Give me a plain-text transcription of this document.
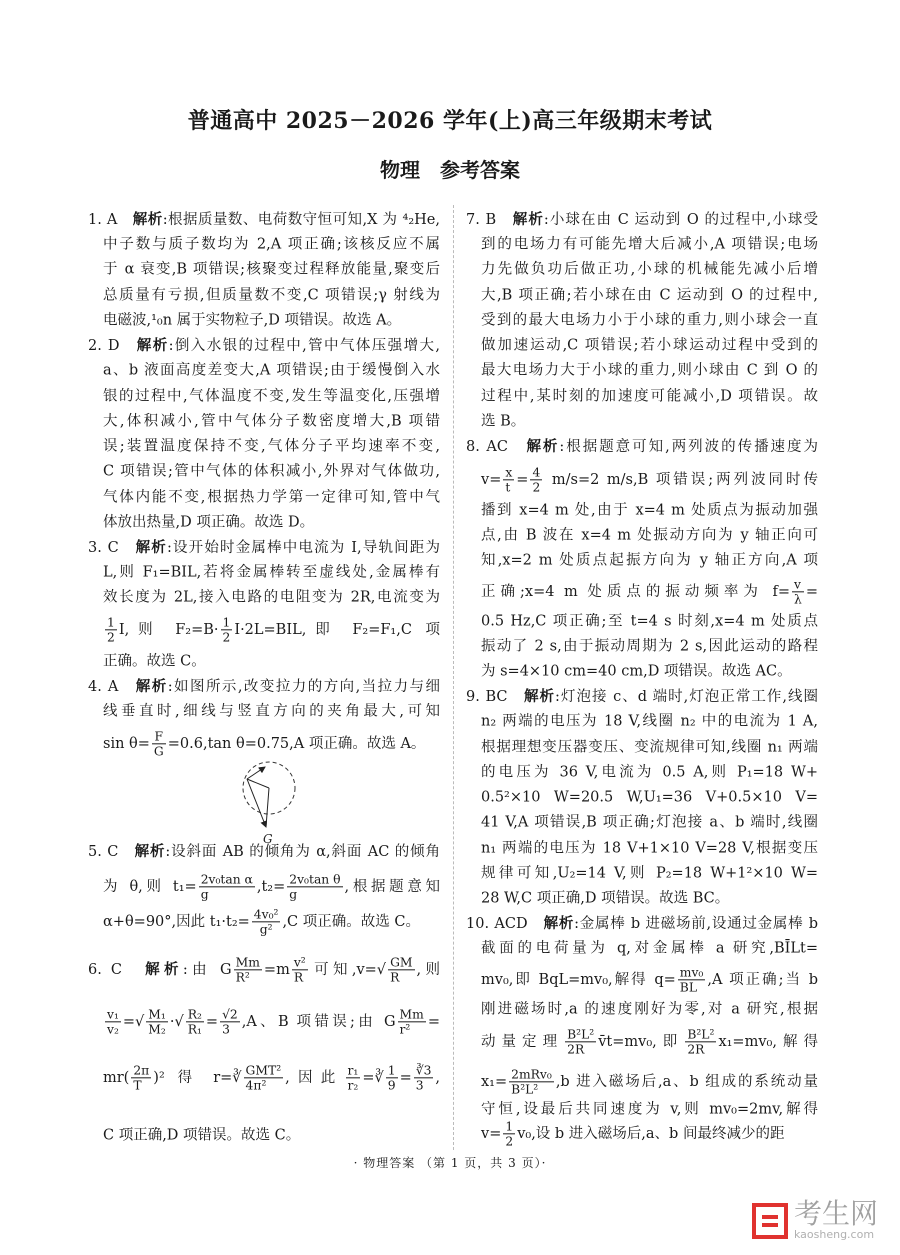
普通高中 2025－2026 学年(上)高三年级期末考试
物理　参考答案
1. A　解析:根据质量数、电荷数守恒可知,X 为 ⁴₂He,
中子数与质子数均为 2,A 项正确;该核反应不属
于 α 衰变,B 项错误;核聚变过程释放能量,聚变后
总质量有亏损,但质量数不变,C 项错误;γ 射线为
电磁波,¹₀n 属于实物粒子,D 项错误。故选 A。
2. D　解析:倒入水银的过程中,管中气体压强增大,
a、b 液面高度差变大,A 项错误;由于缓慢倒入水
银的过程中,气体温度不变,发生等温变化,压强增
大,体积减小,管中气体分子数密度增大,B 项错
误;装置温度保持不变,气体分子平均速率不变,
C 项错误;管中气体的体积减小,外界对气体做功,
气体内能不变,根据热力学第一定律可知,管中气
体放出热量,D 项正确。故选 D。
3. C　解析:设开始时金属棒中电流为 I,导轨间距为
L,则 F₁=BIL,若将金属棒转至虚线处,金属棒有
效长度为 2L,接入电路的电阻变为 2R,电流变为
$\frac{1}{2} I$,则 $F_2=B\cdot \frac{1}{2} I\cdot 2L=BIL$,即 F₂=F₁,C 项
正确。故选 C。
4. A　解析:如图所示,改变拉力的方向,当拉力与细
线垂直时,细线与竖直方向的夹角最大,可知
$\sin \theta= \frac{F}{G} =0.6,\tan$ θ=0.75,A 项正确。故选 A。
5. C　解析:设斜面 AB 的倾角为 α,斜面 AC 的倾角
为 θ,则 $t_1= \frac{\text{2v₀tan α}}{g} ,t_2= \frac{\text{2v₀tan θ}}{g}$ ,根据题意知
α+θ=90°,因此 $t_1\cdot t_2= \frac{\text{4v₀²}}{\text{g²}} ,C$ 项正确。故选 C。
6. C　解析:由 G $\frac{Mm}{\text{R²}} =m \frac{\text{v²}}{R}$ 可知$,v=√ \frac{GM}{R}$ ,则
$\frac{\text{v₁}}{\text{v₂}}$ =√ $\frac{\text{M₁}}{\text{M₂}}$ ·√ $\frac{\text{R₂}}{\text{R₁}} = \frac{√2}{3} ,A$、B 项错误;由 G $\frac{Mm}{\text{r²}}$ =
$mr( \frac{2\pi}{T} )^2$ 得 r=∛ $\frac{\text{GMT²}}{\text{4π²}}$ ,因此 $\frac{\text{r₁}}{\text{r₂}}$ =∛ $\frac{1}{9} = \frac{∛3}{3}$ ,
C 项正确,D 项错误。故选 C。
7. B　解析:小球在由 C 运动到 O 的过程中,小球受
到的电场力有可能先增大后减小,A 项错误;电场
力先做负功后做正功,小球的机械能先减小后增
大,B 项正确;若小球在由 C 运动到 O 的过程中,
受到的最大电场力小于小球的重力,则小球会一直
做加速运动,C 项错误;若小球运动过程中受到的
最大电场力大于小球的重力,则小球由 C 到 O 的
过程中,某时刻的加速度可能减小,D 项错误。故
选 B。
8. AC　解析:根据题意可知,两列波的传播速度为
$v= \frac{x}{t} = \frac{4}{2} m/s=2$ m/s,B 项错误;两列波同时传
播到 x=4 m 处,由于 x=4 m 处质点为振动加强
点,由 B 波在 x=4 m 处振动方向为 y 轴正向可
知,x=2 m 处质点起振方向为 y 轴正方向,A 项
正确;x=4 m 处质点的振动频率为 $f= \frac{v}{\lambda}$ =
0.5 Hz,C 项正确;至 t=4 s 时刻,x=4 m 处质点
振动了 2 s,由于振动周期为 2 s,因此运动的路程
为 s=4×10 cm=40 cm,D 项错误。故选 AC。
9. BC　解析:灯泡接 c、d 端时,灯泡正常工作,线圈
n₂ 两端的电压为 18 V,线圈 n₂ 中的电流为 1 A,
根据理想变压器变压、变流规律可知,线圈 n₁ 两端
的电压为 36 V,电流为 0.5 A,则 P₁=18 W+
0.5²×10 W=20.5 W,U₁=36 V+0.5×10 V=
41 V,A 项错误,B 项正确;灯泡接 a、b 端时,线圈
n₁ 两端的电压为 18 V+1×10 V=28 V,根据变压
规律可知,U₂=14 V,则 P₂=18 W+1²×10 W=
28 W,C 项正确,D 项错误。故选 BC。
10. ACD　解析:金属棒 b 进磁场前,设通过金属棒 b
截面的电荷量为 q,对金属棒 a 研究,BĪLt=
mv₀,即 BqL=mv₀,解得 $q= \frac{\text{mv₀}}{BL} ,A$ 项正确;当 b
刚进磁场时,a 的速度刚好为零,对 a 研究,根据
动量定理 $\frac{\text{B²L²}}{2R}$ v̄t=mv₀,即 $\frac{\text{B²L²}}{2R} x_1=mv_0$,解得
$x_1= \frac{\text{2mRv₀}}{\text{B²L²}} ,b$ 进入磁场后,a、b 组成的系统动量
守恒,设最后共同速度为 v,则 mv₀=2mv,解得
$v= \frac{1}{2} v_0$,设 b 进入磁场后,a、b 间最终减少的距
G
· 物理答案 （第 1 页，共 3 页）·
考生网
kaosheng.com
